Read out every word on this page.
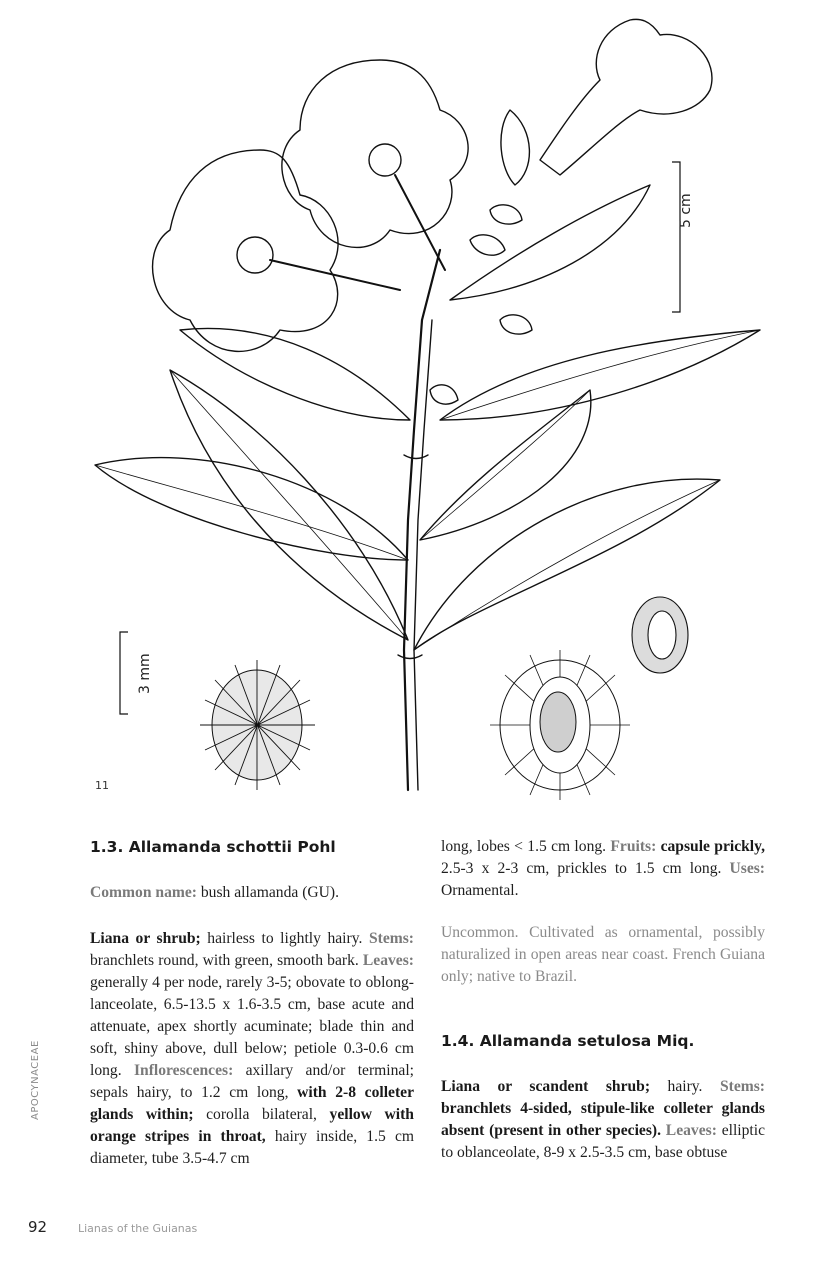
5 cm
3 mm
11
1.3. Allamanda schottii Pohl

Common name: bush allamanda (GU).

Liana or shrub; hairless to lightly hairy. Stems: branchlets round, with green, smooth bark. Leaves: generally 4 per node, rarely 3-5; obovate to oblong-lanceolate, 6.5-13.5 x 1.6-3.5 cm, base acute and attenuate, apex shortly acuminate; blade thin and soft, shiny above, dull below; petiole 0.3-0.6 cm long. Inflorescences: axillary and/or terminal; sepals hairy, to 1.2 cm long, with 2-8 colleter glands within; corolla bilateral, yellow with orange stripes in throat, hairy inside, 1.5 cm diameter, tube 3.5-4.7 cm

long, lobes < 1.5 cm long. Fruits: capsule prickly, 2.5-3 x 2-3 cm, prickles to 1.5 cm long. Uses: Ornamental.

Uncommon. Cultivated as ornamental, possibly naturalized in open areas near coast. French Guiana only; native to Brazil.

1.4. Allamanda setulosa Miq.

Liana or scandent shrub; hairy. Stems: branchlets 4-sided, stipule-like colleter glands absent (present in other species). Leaves: elliptic to oblanceolate, 8-9 x 2.5-3.5 cm, base obtuse

APOCYNACEAE
92	Lianas of the Guianas
